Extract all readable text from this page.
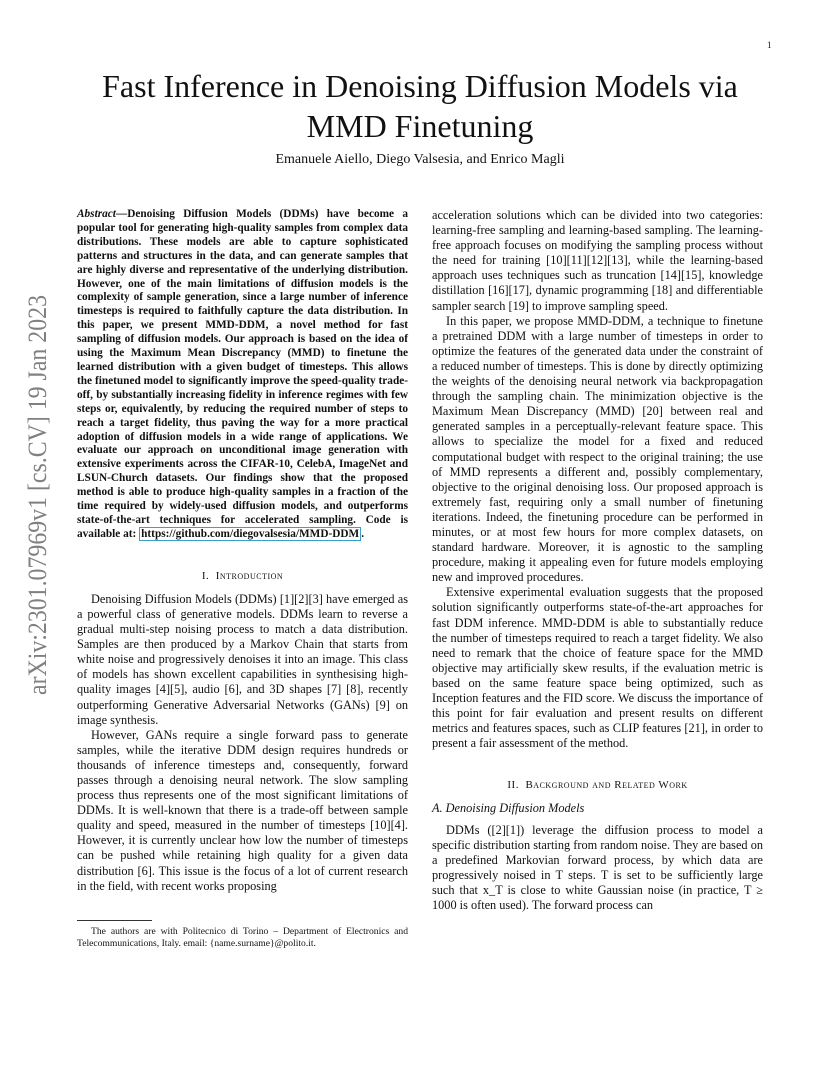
1
arXiv:2301.07969v1 [cs.CV] 19 Jan 2023
Fast Inference in Denoising Diffusion Models via
MMD Finetuning
Emanuele Aiello, Diego Valsesia, and Enrico Magli

Abstract—Denoising Diffusion Models (DDMs) have become a popular tool for generating high-quality samples from complex data distributions. These models are able to capture sophisticated patterns and structures in the data, and can generate samples that are highly diverse and representative of the underlying distribution. However, one of the main limitations of diffusion models is the complexity of sample generation, since a large number of inference timesteps is required to faithfully capture the data distribution. In this paper, we present MMD-DDM, a novel method for fast sampling of diffusion models. Our approach is based on the idea of using the Maximum Mean Discrepancy (MMD) to finetune the learned distribution with a given budget of timesteps. This allows the finetuned model to significantly improve the speed-quality trade-off, by substantially increasing fidelity in inference regimes with few steps or, equivalently, by reducing the required number of steps to reach a target fidelity, thus paving the way for a more practical adoption of diffusion models in a wide range of applications. We evaluate our approach on unconditional image generation with extensive experiments across the CIFAR-10, CelebA, ImageNet and LSUN-Church datasets. Our findings show that the proposed method is able to produce high-quality samples in a fraction of the time required by widely-used diffusion models, and outperforms state-of-the-art techniques for accelerated sampling. Code is available at: https://github.com/diegovalsesia/MMD-DDM .

I. Introduction

Denoising Diffusion Models (DDMs) [1][2][3] have emerged as a powerful class of generative models. DDMs learn to reverse a gradual multi-step noising process to match a data distribution. Samples are then produced by a Markov Chain that starts from white noise and progressively denoises it into an image. This class of models has shown excellent capabilities in synthesising high-quality images [4][5], audio [6], and 3D shapes [7] [8], recently outperforming Generative Adversarial Networks (GANs) [9] on image synthesis.

However, GANs require a single forward pass to generate samples, while the iterative DDM design requires hundreds or thousands of inference timesteps and, consequently, forward passes through a denoising neural network. The slow sampling process thus represents one of the most significant limitations of DDMs. It is well-known that there is a trade-off between sample quality and speed, measured in the number of timesteps [10][4]. However, it is currently unclear how low the number of timesteps can be pushed while retaining high quality for a given data distribution [6]. This issue is the focus of a lot of current research in the field, with recent works proposing

The authors are with Politecnico di Torino – Department of Electronics and Telecommunications, Italy. email: {name.surname}@polito.it.

acceleration solutions which can be divided into two categories: learning-free sampling and learning-based sampling. The learning-free approach focuses on modifying the sampling process without the need for training [10][11][12][13], while the learning-based approach uses techniques such as truncation [14][15], knowledge distillation [16][17], dynamic programming [18] and differentiable sampler search [19] to improve sampling speed.

In this paper, we propose MMD-DDM, a technique to finetune a pretrained DDM with a large number of timesteps in order to optimize the features of the generated data under the constraint of a reduced number of timesteps. This is done by directly optimizing the weights of the denoising neural network via backpropagation through the sampling chain. The minimization objective is the Maximum Mean Discrepancy (MMD) [20] between real and generated samples in a perceptually-relevant feature space. This allows to specialize the model for a fixed and reduced computational budget with respect to the original training; the use of MMD represents a different and, possibly complementary, objective to the original denoising loss. Our proposed approach is extremely fast, requiring only a small number of finetuning iterations. Indeed, the finetuning procedure can be performed in minutes, or at most few hours for more complex datasets, on standard hardware. Moreover, it is agnostic to the sampling procedure, making it appealing even for future models employing new and improved procedures.

Extensive experimental evaluation suggests that the proposed solution significantly outperforms state-of-the-art approaches for fast DDM inference. MMD-DDM is able to substantially reduce the number of timesteps required to reach a target fidelity. We also need to remark that the choice of feature space for the MMD objective may artificially skew results, if the evaluation metric is based on the same feature space being optimized, such as Inception features and the FID score. We discuss the importance of this point for fair evaluation and present results on different metrics and features spaces, such as CLIP features [21], in order to present a fair assessment of the method.

II. Background and Related Work
A. Denoising Diffusion Models

DDMs ([2][1]) leverage the diffusion process to model a specific distribution starting from random noise. They are based on a predefined Markovian forward process, by which data are progressively noised in T steps. T is set to be sufficiently large such that x_T is close to white Gaussian noise (in practice, T ≥ 1000 is often used). The forward process can
